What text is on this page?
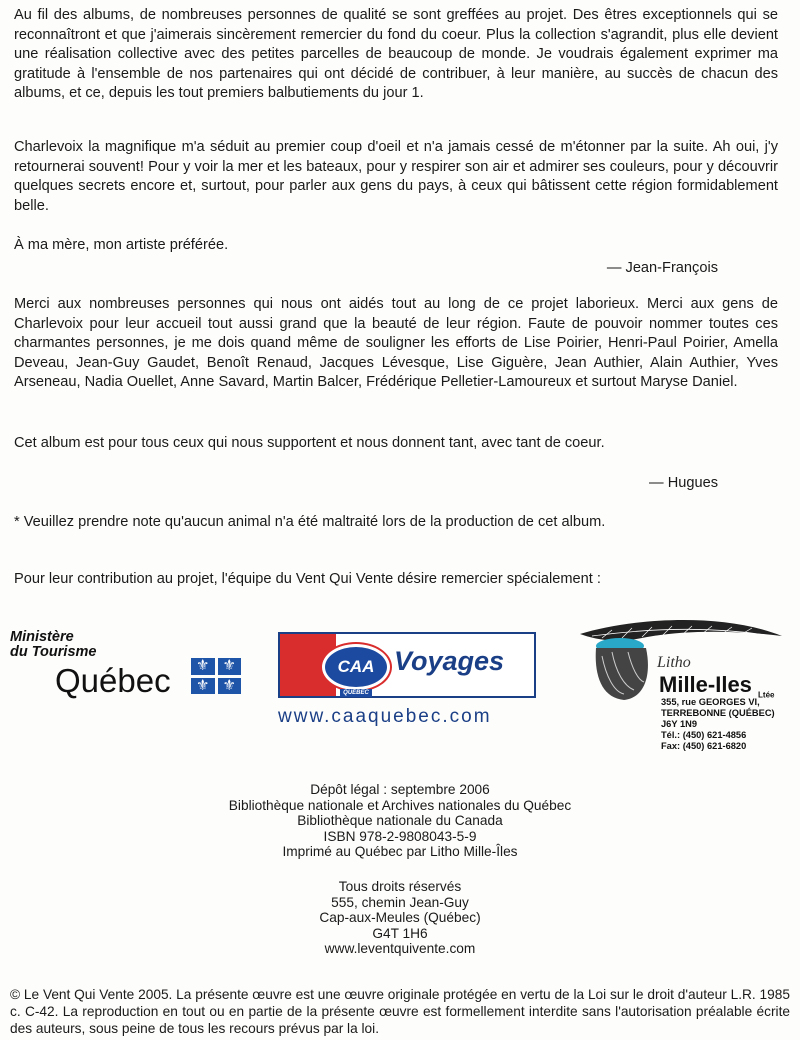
Au fil des albums, de nombreuses personnes de qualité se sont greffées au projet. Des êtres exceptionnels qui se reconnaîtront et que j'aimerais sincèrement remercier du fond du coeur. Plus la collection s'agrandit, plus elle devient une réalisation collective avec des petites parcelles de beaucoup de monde. Je voudrais également exprimer ma gratitude à l'ensemble de nos partenaires qui ont décidé de contribuer, à leur manière, au succès de chacun des albums, et ce, depuis les tout premiers balbutiements du jour 1.
Charlevoix la magnifique m'a séduit au premier coup d'oeil et n'a jamais cessé de m'étonner par la suite. Ah oui, j'y retournerai souvent! Pour y voir la mer et les bateaux, pour y respirer son air et admirer ses couleurs, pour y découvrir quelques secrets encore et, surtout, pour parler aux gens du pays, à ceux qui bâtissent cette région formidablement belle.
À ma mère, mon artiste préférée.
— Jean-François
Merci aux nombreuses personnes qui nous ont aidés tout au long de ce projet laborieux. Merci aux gens de Charlevoix pour leur accueil tout aussi grand que la beauté de leur région. Faute de pouvoir nommer toutes ces charmantes personnes, je me dois quand même de souligner les efforts de Lise Poirier, Henri-Paul Poirier, Amella Deveau, Jean-Guy Gaudet, Benoît Renaud, Jacques Lévesque, Lise Giguère, Jean Authier, Alain Authier, Yves Arseneau, Nadia Ouellet, Anne Savard, Martin Balcer, Frédérique Pelletier-Lamoureux et surtout Maryse Daniel.
Cet album est pour tous ceux qui nous supportent et nous donnent tant, avec tant de coeur.
— Hugues
* Veuillez prendre note qu'aucun animal n'a été maltraité lors de la production de cet album.
Pour leur contribution au projet, l'équipe du Vent Qui Vente désire remercier spécialement :
Ministère
du Tourisme
Québec	⚜ ⚜
⚜ ⚜
CAA
QUÉBEC
Voyages
www.caaquebec.com
Litho
Mille-Iles $_{Ltée}$
355, rue GEORGES VI,
TERREBONNE (QUÉBEC)
J6Y 1N9
Tél.: (450) 621-4856
Fax: (450) 621-6820
Dépôt légal : septembre 2006
Bibliothèque nationale et Archives nationales du Québec
Bibliothèque nationale du Canada
ISBN 978-2-9808043-5-9
Imprimé au Québec par Litho Mille-Îles
Tous droits réservés
555, chemin Jean-Guy
Cap-aux-Meules (Québec)
G4T 1H6
www.leventquivente.com
© Le Vent Qui Vente 2005. La présente œuvre est une œuvre originale protégée en vertu de la Loi sur le droit d'auteur L.R. 1985 c. C-42. La reproduction en tout ou en partie de la présente œuvre est formellement interdite sans l'autorisation préalable écrite des auteurs, sous peine de tous les recours prévus par la loi.
